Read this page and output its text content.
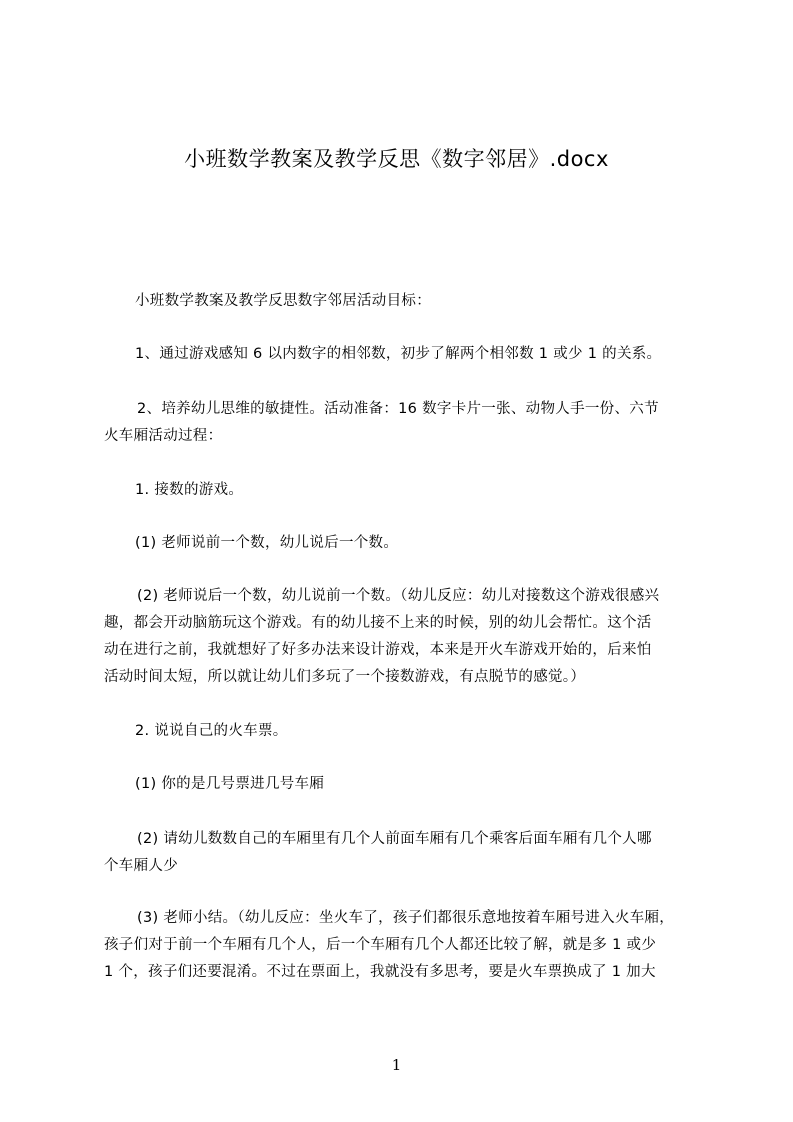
小班数学教案及教学反思《数字邻居》.docx
小班数学教案及教学反思数字邻居活动目标：
1、通过游戏感知 6 以内数字的相邻数，初步了解两个相邻数 1 或少 1 的关系。
2、培养幼儿思维的敏捷性。活动准备：16 数字卡片一张、动物人手一份、六节
火车厢活动过程：
1. 接数的游戏。
(1) 老师说前一个数，幼儿说后一个数。
(2) 老师说后一个数，幼儿说前一个数。（幼儿反应：幼儿对接数这个游戏很感兴
趣，都会开动脑筋玩这个游戏。有的幼儿接不上来的时候，别的幼儿会帮忙。这个活
动在进行之前，我就想好了好多办法来设计游戏，本来是开火车游戏开始的，后来怕
活动时间太短，所以就让幼儿们多玩了一个接数游戏，有点脱节的感觉。）
2. 说说自己的火车票。
(1) 你的是几号票进几号车厢
(2) 请幼儿数数自己的车厢里有几个人前面车厢有几个乘客后面车厢有几个人哪
个车厢人少
(3) 老师小结。（幼儿反应：坐火车了，孩子们都很乐意地按着车厢号进入火车厢，
孩子们对于前一个车厢有几个人，后一个车厢有几个人都还比较了解，就是多 1 或少
1 个，孩子们还要混淆。不过在票面上，我就没有多思考，要是火车票换成了 1 加大
1
